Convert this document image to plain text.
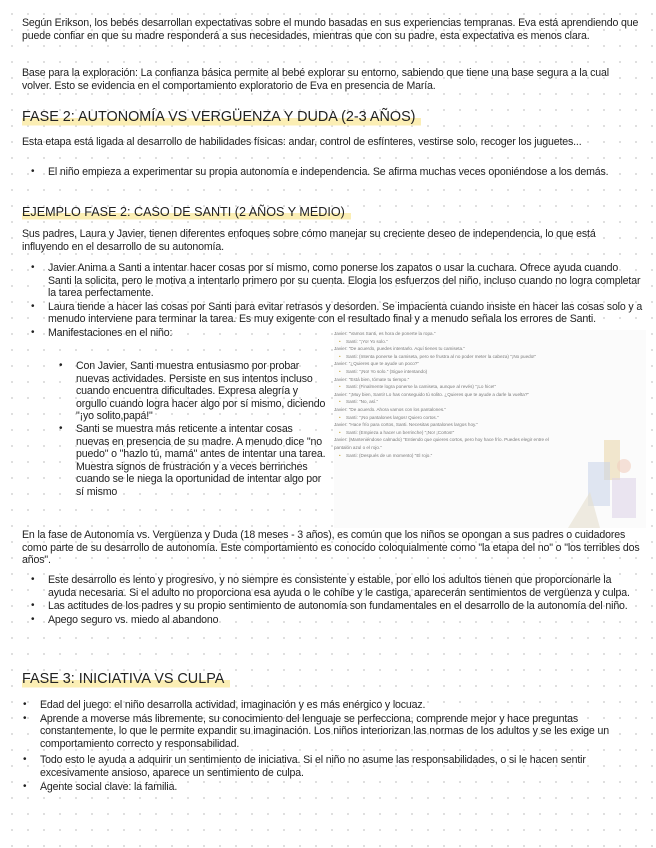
Según Erikson, los bebés desarrollan expectativas sobre el mundo basadas en sus experiencias tempranas. Eva está aprendiendo que puede confiar en que su madre responderá a sus necesidades, mientras que con su padre, esta expectativa es menos clara.

Base para la exploración: La confianza básica permite al bebé explorar su entorno, sabiendo que tiene una base segura a la cual volver. Esto se evidencia en el comportamiento exploratorio de Eva en presencia de María.

FASE 2: AUTONOMÍA VS VERGÜENZA Y DUDA (2-3 AÑOS)

Esta etapa está ligada al desarrollo de habilidades físicas: andar, control de esfínteres, vestirse solo, recoger los juguetes...

• El niño empieza a experimentar su propia autonomía e independencia. Se afirma muchas veces oponiéndose a los demás.
EJEMPLO FASE 2: CASO DE SANTI (2 AÑOS Y MEDIO)

Sus padres, Laura y Javier, tienen diferentes enfoques sobre cómo manejar su creciente deseo de independencia, lo que está influyendo en el desarrollo de su autonomía.

• Javier Anima a Santi a intentar hacer cosas por sí mismo, como ponerse los zapatos o usar la cuchara. Ofrece ayuda cuando Santi la solicita, pero le motiva a intentarlo primero por su cuenta. Elogia los esfuerzos del niño, incluso cuando no logra completar la tarea perfectamente.
• Laura tiende a hacer las cosas por Santi para evitar retrasos y desorden. Se impacienta cuando insiste en hacer las cosas solo y a menudo interviene para terminar la tarea. Es muy exigente con el resultado final y a menudo señala los errores de Santi.
• Manifestaciones en el niño:
• Con Javier, Santi muestra entusiasmo por probar nuevas actividades. Persiste en sus intentos incluso cuando encuentra dificultades. Expresa alegría y orgullo cuando logra hacer algo por sí mismo, diciendo "¡yo solito,papá!"
• Santi se muestra más reticente a intentar cosas nuevas en presencia de su madre. A menudo dice "no puedo" o "hazlo tú, mamá" antes de intentar una tarea. Muestra signos de frustración y a veces berrinches cuando se le niega la oportunidad de intentar algo por sí mismo
Javier: "Vamos Santi, es hora de ponerte la ropa."
• Santi: "¡Yo! Yo solo."
Javier: "De acuerdo, puedes intentarlo. Aquí tienes tu camiseta."
• Santi: (Intenta ponerse la camiseta, pero se frustra al no poder meter la cabeza) "¡No puedo!"
Javier: "¿Quieres que te ayude un poco?"
• Santi: "¡No! Yo solo." (Sigue intentando)
Javier: "Está bien, tómate tu tiempo."
• Santi: (Finalmente logra ponerse la camiseta, aunque al revés) "¡Lo hice!"
Javier: "¡Muy bien, Santi! Lo has conseguido tú solito. ¿Quieres que te ayude a darle la vuelta?"
• Santi: "No, así."
Javier: "De acuerdo. Ahora vamos con los pantalones."
• Santi: "¡No pantalones largos! Quiero cortos."
Javier: "Hace frío para cortos, Santi. Necesitas pantalones largos hoy."
• Santi: (Empieza a hacer un berrinche) "¡No! ¡Cortos!"
Javier: (Manteniéndose calmado) "Entiendo que quieres cortos, pero hoy hace frío. Puedes elegir entre el pantalón azul o el rojo."
• Santi: (Después de un momento) "El rojo."

En la fase de Autonomía vs. Vergüenza y Duda (18 meses - 3 años), es común que los niños se opongan a sus padres o cuidadores como parte de su desarrollo de autonomía. Este comportamiento es conocido coloquialmente como "la etapa del no" o "los terribles dos años".

• Este desarrollo es lento y progresivo, y no siempre es consistente y estable, por ello los adultos tienen que proporcionarle la ayuda necesaria. Si el adulto no proporciona esa ayuda o le cohíbe y le castiga, aparecerán sentimientos de vergüenza y culpa.
• Las actitudes de los padres y su propio sentimiento de autonomía son fundamentales en el desarrollo de la autonomía del niño.
• Apego seguro vs. miedo al abandono
FASE 3: INICIATIVA VS CULPA
• Edad del juego: el niño desarrolla actividad, imaginación y es más enérgico y locuaz.
• Aprende a moverse más libremente, su conocimiento del lenguaje se perfecciona, comprende mejor y hace preguntas constantemente, lo que le permite expandir su imaginación. Los niños interiorizan las normas de los adultos y se les exige un comportamiento correcto y responsabilidad.
• Todo esto le ayuda a adquirir un sentimiento de iniciativa. Si el niño no asume las responsabilidades, o si le hacen sentir excesivamente ansioso, aparece un sentimiento de culpa.
• Agente social clave: la familia.
